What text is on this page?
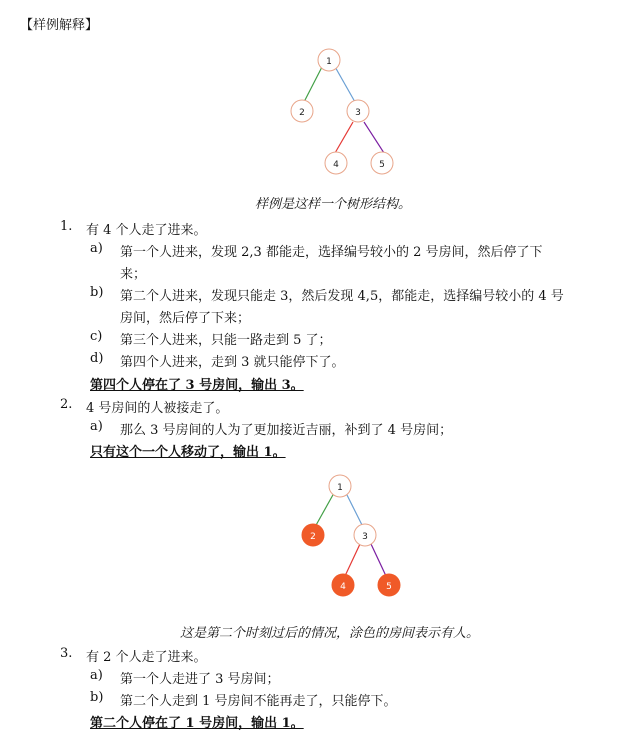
【样例解释】
1
2	3
4	5
样例是这样一个树形结构。
1. 有 4 个人走了进来。
a) 第一个人进来，发现 2,3 都能走，选择编号较小的 2 号房间，然后停了下
来；
b) 第二个人进来，发现只能走 3，然后发现 4,5，都能走，选择编号较小的 4 号
房间，然后停了下来；
c) 第三个人进来，只能一路走到 5 了；
d) 第四个人进来，走到 3 就只能停下了。
第四个人停在了 3 号房间，输出 3。
2. 4 号房间的人被接走了。
a) 那么 3 号房间的人为了更加接近吉丽，补到了 4 号房间；
只有这个一个人移动了，输出 1。
1
2	3
4	5
这是第二个时刻过后的情况，涂色的房间表示有人。
3. 有 2 个人走了进来。
a) 第一个人走进了 3 号房间；
b) 第二个人走到 1 号房间不能再走了，只能停下。
第二个人停在了 1 号房间，输出 1。
